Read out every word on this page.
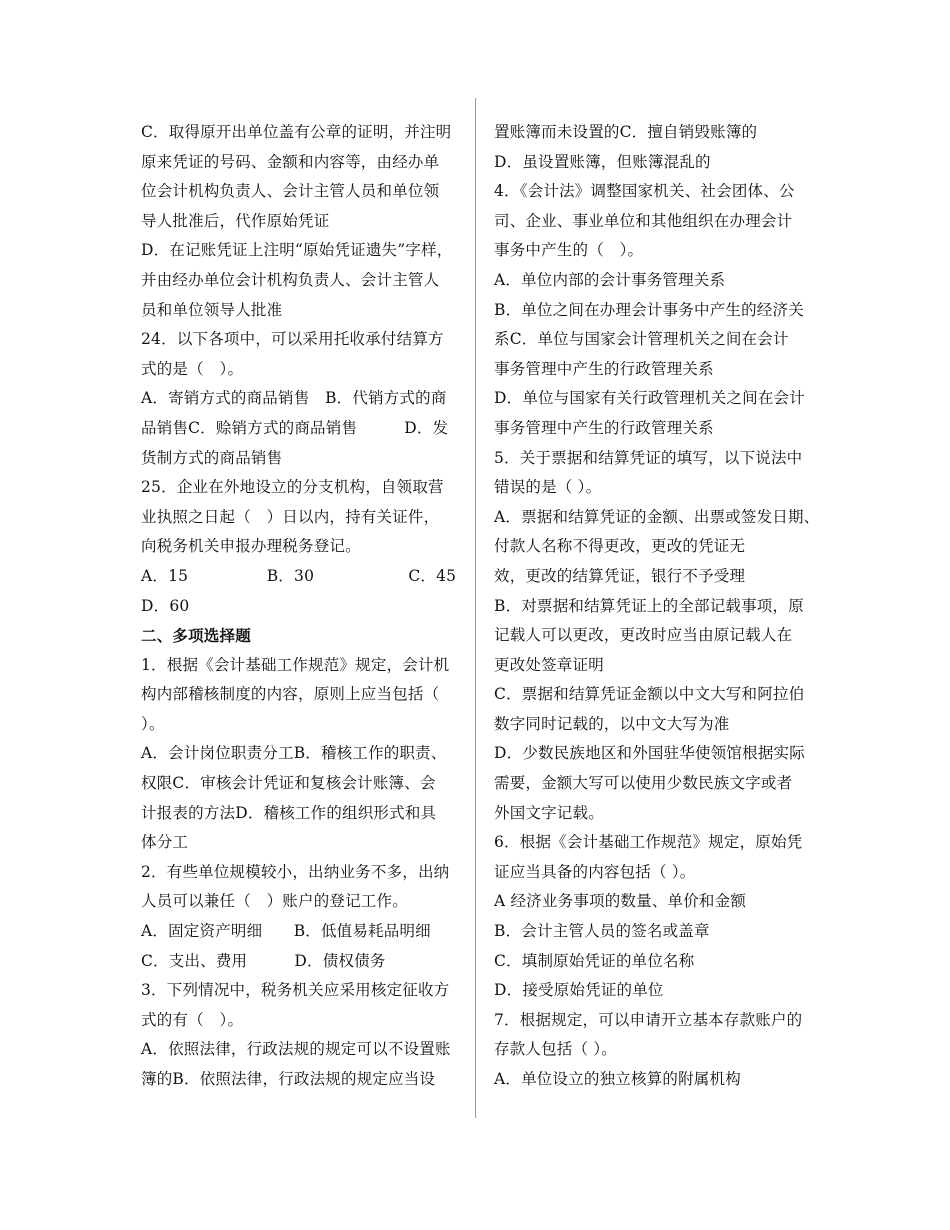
C．取得原开出单位盖有公章的证明，并注明
原来凭证的号码、金额和内容等，由经办单
位会计机构负责人、会计主管人员和单位领
导人批准后，代作原始凭证
D．在记账凭证上注明“原始凭证遗失”字样，
并由经办单位会计机构负责人、会计主管人
员和单位领导人批准
24．以下各项中，可以采用托收承付结算方
式的是（　）。
A．寄销方式的商品销售　B．代销方式的商
品销售C．赊销方式的商品销售　　　D．发
货制方式的商品销售
25．企业在外地设立的分支机构，自领取营
业执照之日起（　）日以内，持有关证件，
向税务机关申报办理税务登记。
A．15　　　　　B．30　　　　　　C．45
D．60
二、多项选择题
1．根据《会计基础工作规范》规定，会计机
构内部稽核制度的内容，原则上应当包括（
）。
A．会计岗位职责分工B．稽核工作的职责、
权限C．审核会计凭证和复核会计账簿、会
计报表的方法D．稽核工作的组织形式和具
体分工
2．有些单位规模较小，出纳业务不多，出纳
人员可以兼任（　）账户的登记工作。
A．固定资产明细　　B．低值易耗品明细
C．支出、费用　　　D．债权债务
3．下列情况中，税务机关应采用核定征收方
式的有（　）。
A．依照法律，行政法规的规定可以不设置账
簿的B．依照法律，行政法规的规定应当设
置账簿而未设置的C．擅自销毁账簿的
D．虽设置账簿，但账簿混乱的
4．《会计法》调整国家机关、社会团体、公
司、企业、事业单位和其他组织在办理会计
事务中产生的（　）。
A．单位内部的会计事务管理关系
B．单位之间在办理会计事务中产生的经济关
系C．单位与国家会计管理机关之间在会计
事务管理中产生的行政管理关系
D．单位与国家有关行政管理机关之间在会计
事务管理中产生的行政管理关系
5．关于票据和结算凭证的填写，以下说法中
错误的是（ ）。
A．票据和结算凭证的金额、出票或签发日期、
付款人名称不得更改，更改的凭证无
效，更改的结算凭证，银行不予受理
B．对票据和结算凭证上的全部记载事项，原
记载人可以更改，更改时应当由原记载人在
更改处签章证明
C．票据和结算凭证金额以中文大写和阿拉伯
数字同时记载的，以中文大写为准
D．少数民族地区和外国驻华使领馆根据实际
需要，金额大写可以使用少数民族文字或者
外国文字记载。
6．根据《会计基础工作规范》规定，原始凭
证应当具备的内容包括（ ）。
A 经济业务事项的数量、单价和金额
B．会计主管人员的签名或盖章
C．填制原始凭证的单位名称
D．接受原始凭证的单位
7．根据规定，可以申请开立基本存款账户的
存款人包括（ ）。
A．单位设立的独立核算的附属机构
